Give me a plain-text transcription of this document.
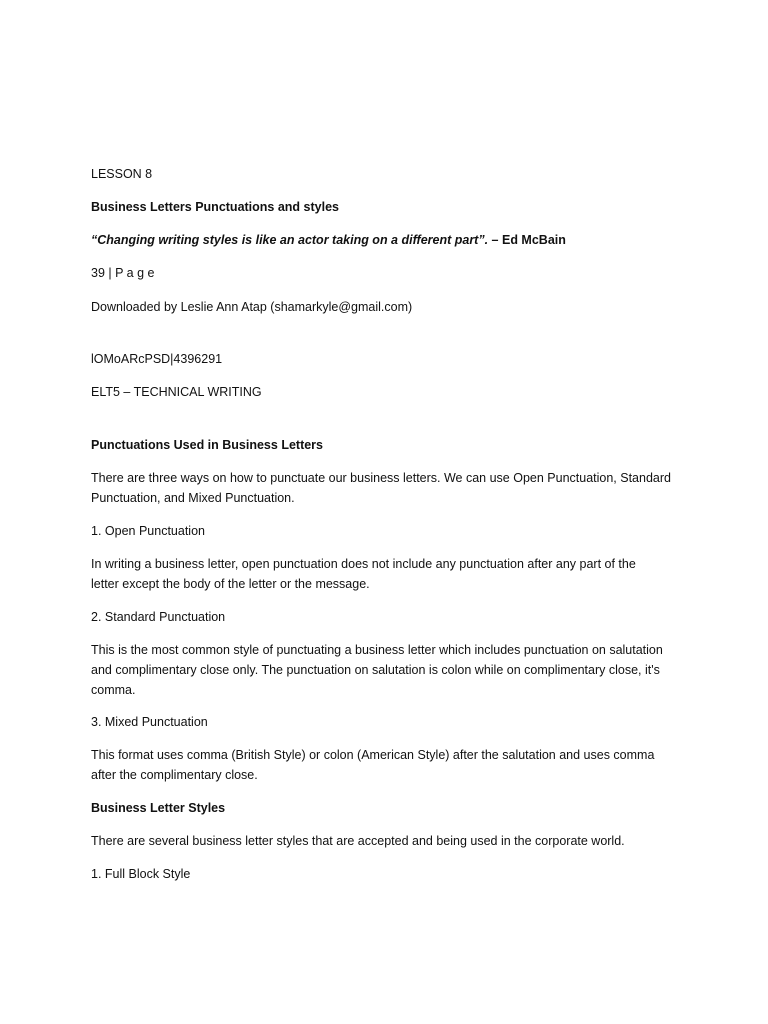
LESSON 8
Business Letters Punctuations and styles
“Changing writing styles is like an actor taking on a different part”. – Ed McBain
39 | P a g e
Downloaded by Leslie Ann Atap (shamarkyle@gmail.com)
lOMoARcPSD|4396291
ELT5 – TECHNICAL WRITING
Punctuations Used in Business Letters
There are three ways on how to punctuate our business letters. We can use Open Punctuation, Standard
Punctuation, and Mixed Punctuation.
1. Open Punctuation
In writing a business letter, open punctuation does not include any punctuation after any part of the
letter except the body of the letter or the message.
2. Standard Punctuation
This is the most common style of punctuating a business letter which includes punctuation on salutation
and complimentary close only. The punctuation on salutation is colon while on complimentary close, it's
comma.
3. Mixed Punctuation
This format uses comma (British Style) or colon (American Style) after the salutation and uses comma
after the complimentary close.
Business Letter Styles
There are several business letter styles that are accepted and being used in the corporate world.
1. Full Block Style
